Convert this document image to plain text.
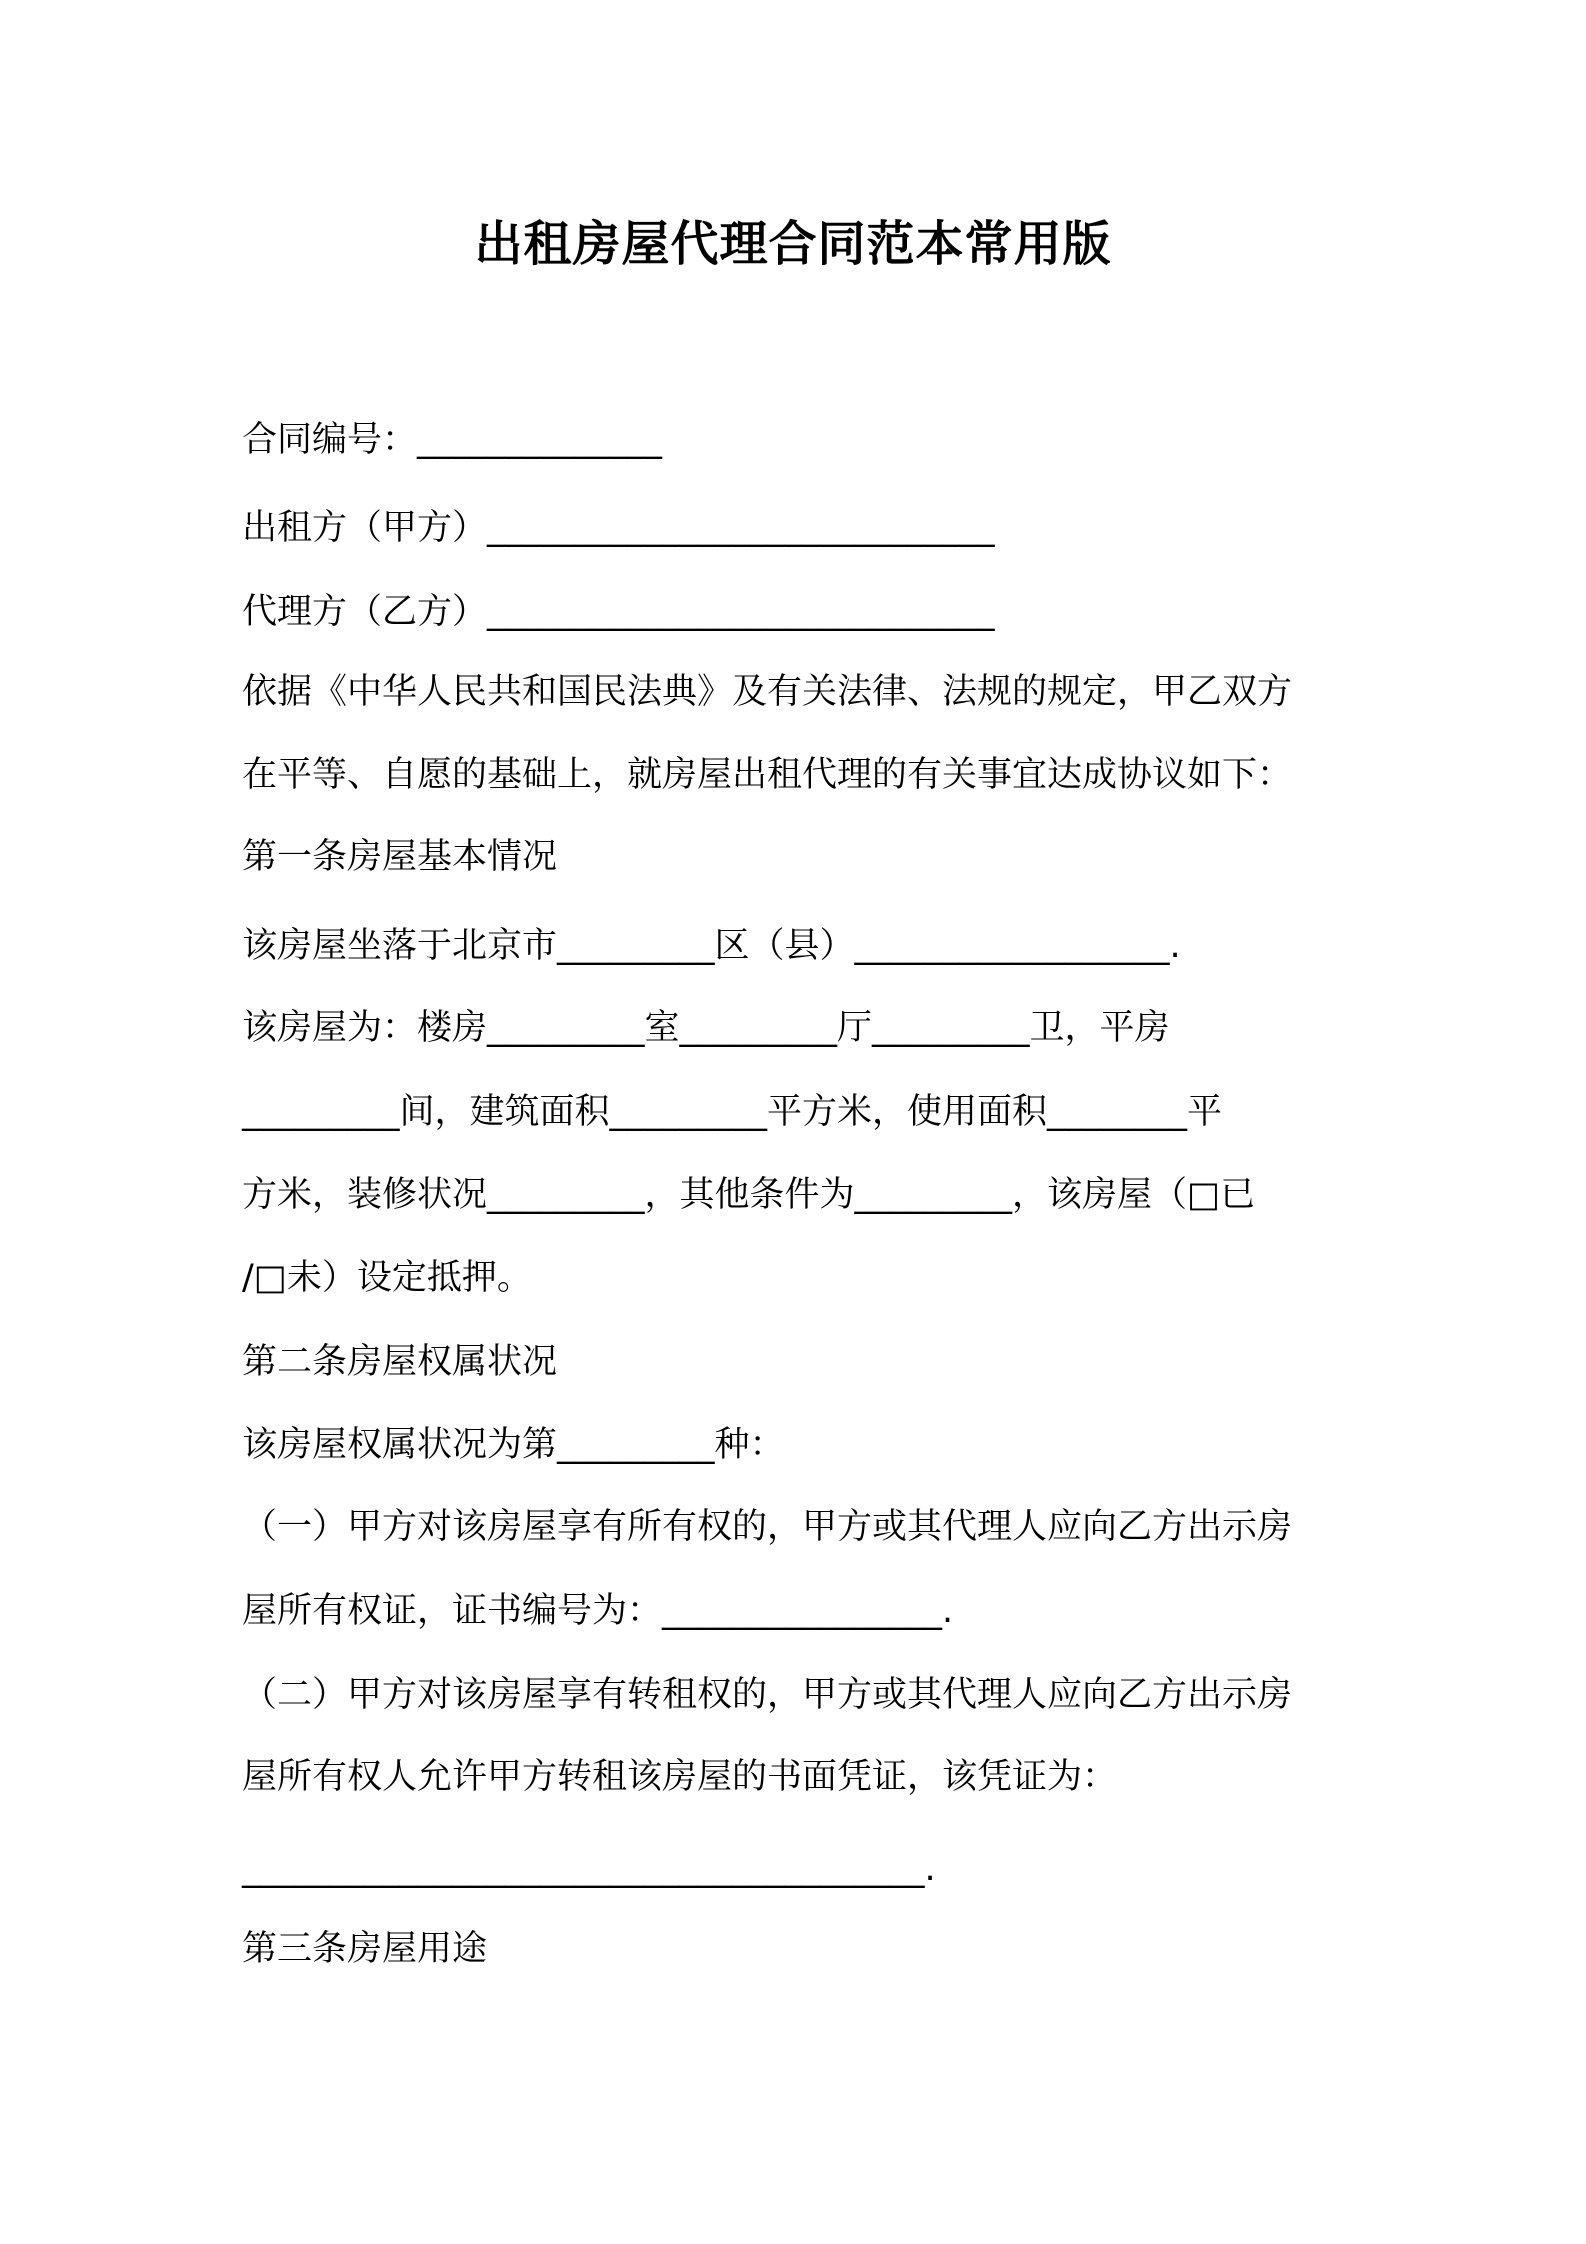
出租房屋代理合同范本常用版
合同编号：______________
出租方（甲方）_____________________________
代理方（乙方）_____________________________
依据《中华人民共和国民法典》及有关法律、法规的规定，甲乙双方
在平等、自愿的基础上，就房屋出租代理的有关事宜达成协议如下：
第一条房屋基本情况
该房屋坐落于北京市_________区（县）__________________.
该房屋为：楼房_________室_________厅_________卫，平房
_________间，建筑面积_________平方米，使用面积________平
方米，装修状况_________，其他条件为_________，该房屋（□已
/□未）设定抵押。
第二条房屋权属状况
该房屋权属状况为第_________种：
（一）甲方对该房屋享有所有权的，甲方或其代理人应向乙方出示房
屋所有权证，证书编号为：________________.
（二）甲方对该房屋享有转租权的，甲方或其代理人应向乙方出示房
屋所有权人允许甲方转租该房屋的书面凭证，该凭证为：
_______________________________________.
第三条房屋用途
